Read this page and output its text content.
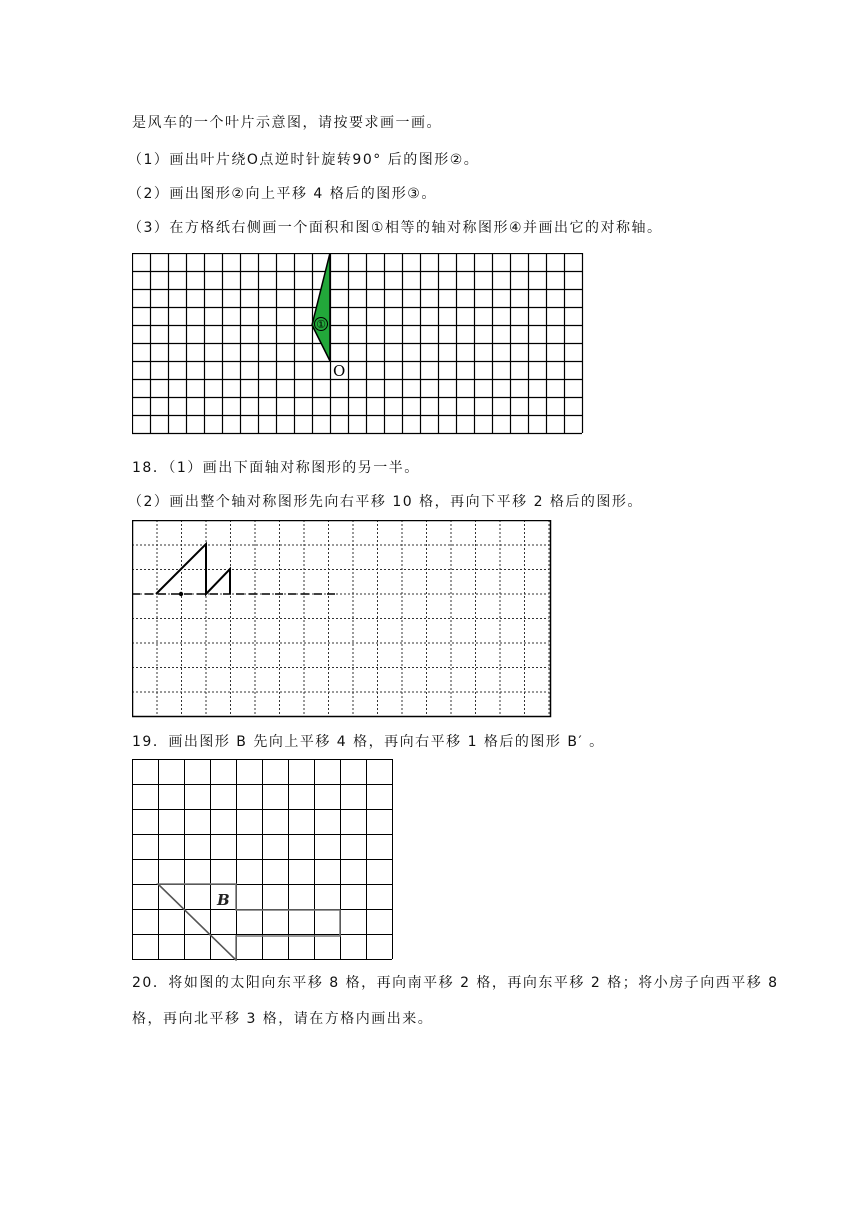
是风车的一个叶片示意图，请按要求画一画。
（1）画出叶片绕O点逆时针旋转90° 后的图形②。
（2）画出图形②向上平移 4 格后的图形③。
（3）在方格纸右侧画一个面积和图①相等的轴对称图形④并画出它的对称轴。
①
O
18．（1）画出下面轴对称图形的另一半。
（2）画出整个轴对称图形先向右平移 10 格，再向下平移 2 格后的图形。
19．画出图形 B 先向上平移 4 格，再向右平移 1 格后的图形 B′ 。
B
20．将如图的太阳向东平移 8 格，再向南平移 2 格，再向东平移 2 格；将小房子向西平移 8
格，再向北平移 3 格，请在方格内画出来。
